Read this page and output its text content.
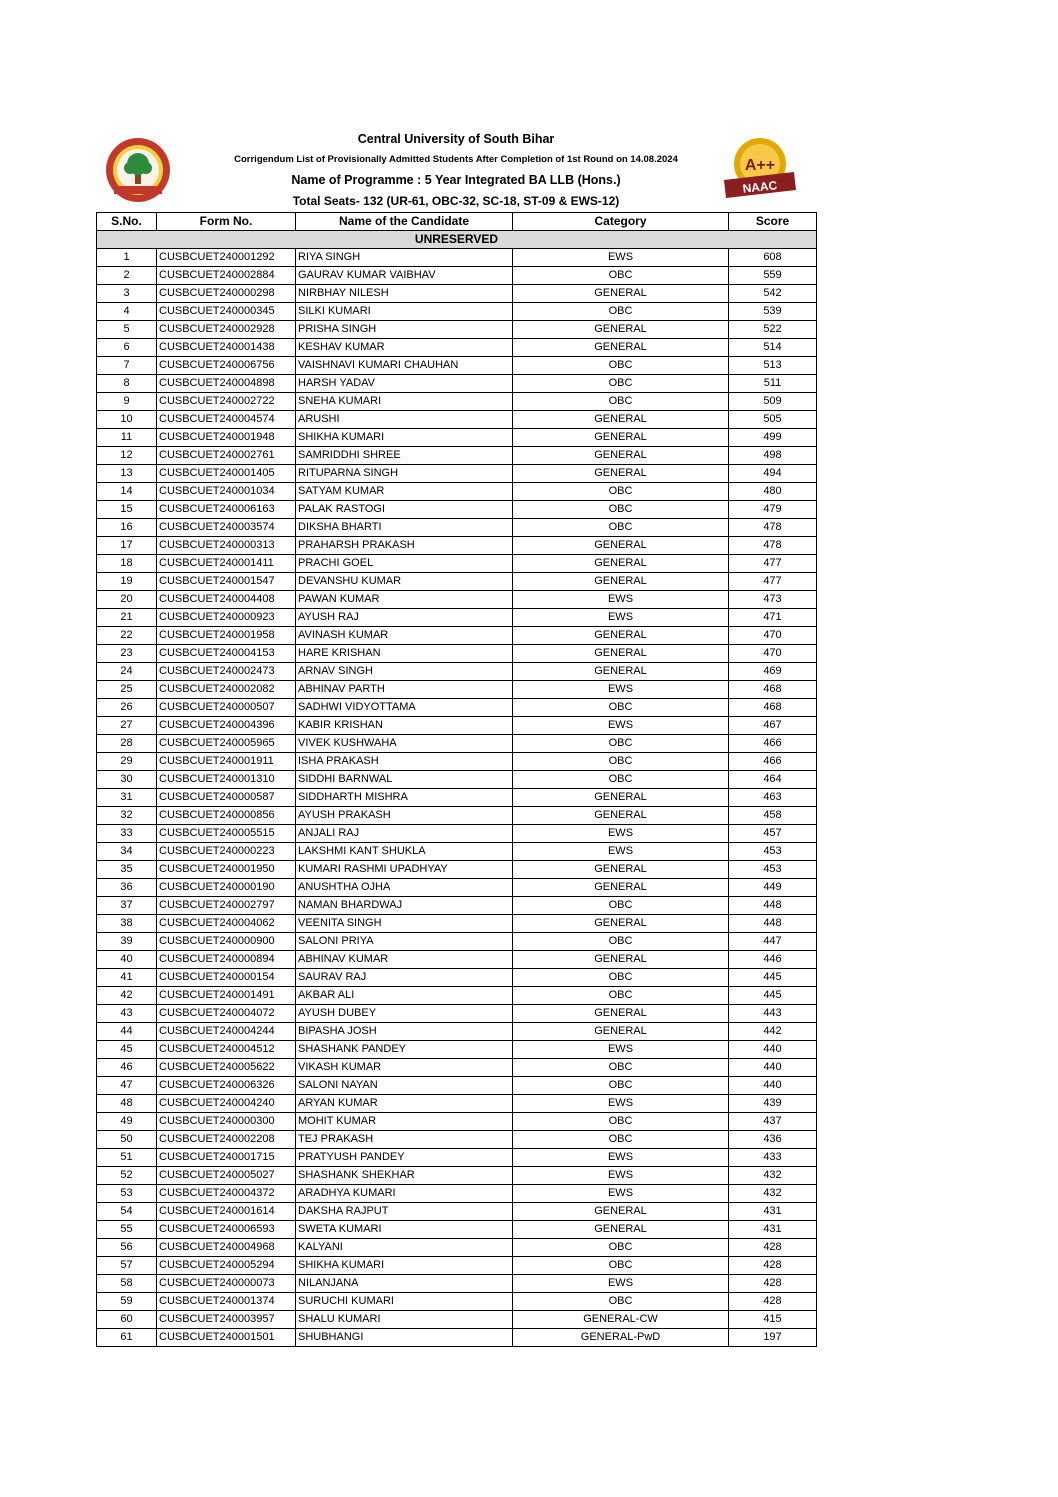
Central University of South Bihar
Corrigendum List of Provisionally Admitted Students After Completion of 1st Round on 14.08.2024
Name of Programme : 5 Year Integrated BA LLB (Hons.)
Total Seats- 132 (UR-61, OBC-32, SC-18, ST-09 & EWS-12)
A++
NAAC
S.No.	Form No.	Name of the Candidate	Category	Score
UNRESERVED				
1	CUSBCUET240001292	RIYA SINGH	EWS	608
2	CUSBCUET240002884	GAURAV KUMAR VAIBHAV	OBC	559
3	CUSBCUET240000298	NIRBHAY NILESH	GENERAL	542
4	CUSBCUET240000345	SILKI KUMARI	OBC	539
5	CUSBCUET240002928	PRISHA SINGH	GENERAL	522
6	CUSBCUET240001438	KESHAV KUMAR	GENERAL	514
7	CUSBCUET240006756	VAISHNAVI KUMARI CHAUHAN	OBC	513
8	CUSBCUET240004898	HARSH YADAV	OBC	511
9	CUSBCUET240002722	SNEHA KUMARI	OBC	509
10	CUSBCUET240004574	ARUSHI	GENERAL	505
11	CUSBCUET240001948	SHIKHA KUMARI	GENERAL	499
12	CUSBCUET240002761	SAMRIDDHI SHREE	GENERAL	498
13	CUSBCUET240001405	RITUPARNA SINGH	GENERAL	494
14	CUSBCUET240001034	SATYAM KUMAR	OBC	480
15	CUSBCUET240006163	PALAK RASTOGI	OBC	479
16	CUSBCUET240003574	DIKSHA BHARTI	OBC	478
17	CUSBCUET240000313	PRAHARSH PRAKASH	GENERAL	478
18	CUSBCUET240001411	PRACHI GOEL	GENERAL	477
19	CUSBCUET240001547	DEVANSHU KUMAR	GENERAL	477
20	CUSBCUET240004408	PAWAN KUMAR	EWS	473
21	CUSBCUET240000923	AYUSH RAJ	EWS	471
22	CUSBCUET240001958	AVINASH KUMAR	GENERAL	470
23	CUSBCUET240004153	HARE KRISHAN	GENERAL	470
24	CUSBCUET240002473	ARNAV SINGH	GENERAL	469
25	CUSBCUET240002082	ABHINAV PARTH	EWS	468
26	CUSBCUET240000507	SADHWI VIDYOTTAMA	OBC	468
27	CUSBCUET240004396	KABIR KRISHAN	EWS	467
28	CUSBCUET240005965	VIVEK KUSHWAHA	OBC	466
29	CUSBCUET240001911	ISHA PRAKASH	OBC	466
30	CUSBCUET240001310	SIDDHI BARNWAL	OBC	464
31	CUSBCUET240000587	SIDDHARTH MISHRA	GENERAL	463
32	CUSBCUET240000856	AYUSH PRAKASH	GENERAL	458
33	CUSBCUET240005515	ANJALI RAJ	EWS	457
34	CUSBCUET240000223	LAKSHMI KANT SHUKLA	EWS	453
35	CUSBCUET240001950	KUMARI RASHMI UPADHYAY	GENERAL	453
36	CUSBCUET240000190	ANUSHTHA OJHA	GENERAL	449
37	CUSBCUET240002797	NAMAN BHARDWAJ	OBC	448
38	CUSBCUET240004062	VEENITA SINGH	GENERAL	448
39	CUSBCUET240000900	SALONI PRIYA	OBC	447
40	CUSBCUET240000894	ABHINAV KUMAR	GENERAL	446
41	CUSBCUET240000154	SAURAV RAJ	OBC	445
42	CUSBCUET240001491	AKBAR ALI	OBC	445
43	CUSBCUET240004072	AYUSH DUBEY	GENERAL	443
44	CUSBCUET240004244	BIPASHA JOSH	GENERAL	442
45	CUSBCUET240004512	SHASHANK PANDEY	EWS	440
46	CUSBCUET240005622	VIKASH KUMAR	OBC	440
47	CUSBCUET240006326	SALONI NAYAN	OBC	440
48	CUSBCUET240004240	ARYAN KUMAR	EWS	439
49	CUSBCUET240000300	MOHIT KUMAR	OBC	437
50	CUSBCUET240002208	TEJ PRAKASH	OBC	436
51	CUSBCUET240001715	PRATYUSH PANDEY	EWS	433
52	CUSBCUET240005027	SHASHANK SHEKHAR	EWS	432
53	CUSBCUET240004372	ARADHYA KUMARI	EWS	432
54	CUSBCUET240001614	DAKSHA RAJPUT	GENERAL	431
55	CUSBCUET240006593	SWETA KUMARI	GENERAL	431
56	CUSBCUET240004968	KALYANI	OBC	428
57	CUSBCUET240005294	SHIKHA KUMARI	OBC	428
58	CUSBCUET240000073	NILANJANA	EWS	428
59	CUSBCUET240001374	SURUCHI KUMARI	OBC	428
60	CUSBCUET240003957	SHALU KUMARI	GENERAL-CW	415
61	CUSBCUET240001501	SHUBHANGI	GENERAL-PwD	197
